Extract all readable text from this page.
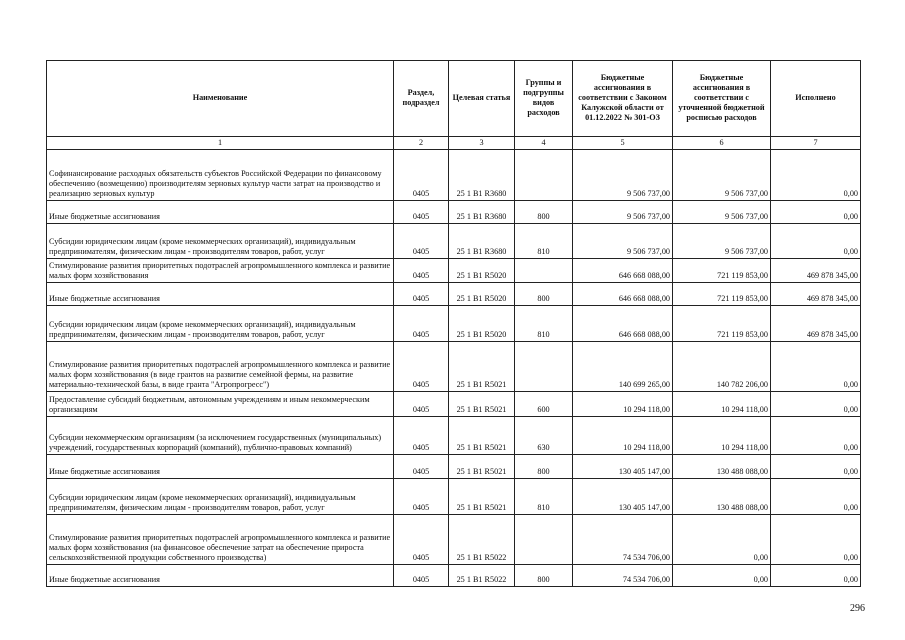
Наименование	Раздел, подраздел	Целевая статья	Группы и подгруппы видов расходов	Бюджетные ассигнования в соответствии с Законом Калужской области от 01.12.2022 № 301-ОЗ	Бюджетные ассигнования в соответствии с уточненной бюджетной росписью расходов	Исполнено
1	2	3	4	5	6	7
Софинансирование расходных обязательств субъектов Российской Федерации по финансовому обеспечению (возмещению) производителям зерновых культур части затрат на производство и реализацию зерновых культур	0405	25 1 B1 R3680		9 506 737,00	9 506 737,00	0,00
Иные бюджетные ассигнования	0405	25 1 B1 R3680	800	9 506 737,00	9 506 737,00	0,00
Субсидии юридическим лицам (кроме некоммерческих организаций), индивидуальным предпринимателям, физическим лицам - производителям товаров, работ, услуг	0405	25 1 B1 R3680	810	9 506 737,00	9 506 737,00	0,00
Стимулирование развития приоритетных подотраслей агропромышленного комплекса и развитие малых форм хозяйствования	0405	25 1 B1 R5020		646 668 088,00	721 119 853,00	469 878 345,00
Иные бюджетные ассигнования	0405	25 1 B1 R5020	800	646 668 088,00	721 119 853,00	469 878 345,00
Субсидии юридическим лицам (кроме некоммерческих организаций), индивидуальным предпринимателям, физическим лицам - производителям товаров, работ, услуг	0405	25 1 B1 R5020	810	646 668 088,00	721 119 853,00	469 878 345,00
Стимулирование развития приоритетных подотраслей агропромышленного комплекса и развитие малых форм хозяйствования (в виде грантов на развитие семейной фермы, на развитие материально-технической базы, в виде гранта "Агропрогресс")	0405	25 1 B1 R5021		140 699 265,00	140 782 206,00	0,00
Предоставление субсидий бюджетным, автономным учреждениям и иным некоммерческим организациям	0405	25 1 B1 R5021	600	10 294 118,00	10 294 118,00	0,00
Субсидии некоммерческим организациям (за исключением государственных (муниципальных) учреждений, государственных корпораций (компаний), публично-правовых компаний)	0405	25 1 B1 R5021	630	10 294 118,00	10 294 118,00	0,00
Иные бюджетные ассигнования	0405	25 1 B1 R5021	800	130 405 147,00	130 488 088,00	0,00
Субсидии юридическим лицам (кроме некоммерческих организаций), индивидуальным предпринимателям, физическим лицам - производителям товаров, работ, услуг	0405	25 1 B1 R5021	810	130 405 147,00	130 488 088,00	0,00
Стимулирование развития приоритетных подотраслей агропромышленного комплекса и развитие малых форм хозяйствования (на финансовое обеспечение затрат на обеспечение прироста сельскохозяйственной продукции собственного производства)	0405	25 1 B1 R5022		74 534 706,00	0,00	0,00
Иные бюджетные ассигнования	0405	25 1 B1 R5022	800	74 534 706,00	0,00	0,00
296
